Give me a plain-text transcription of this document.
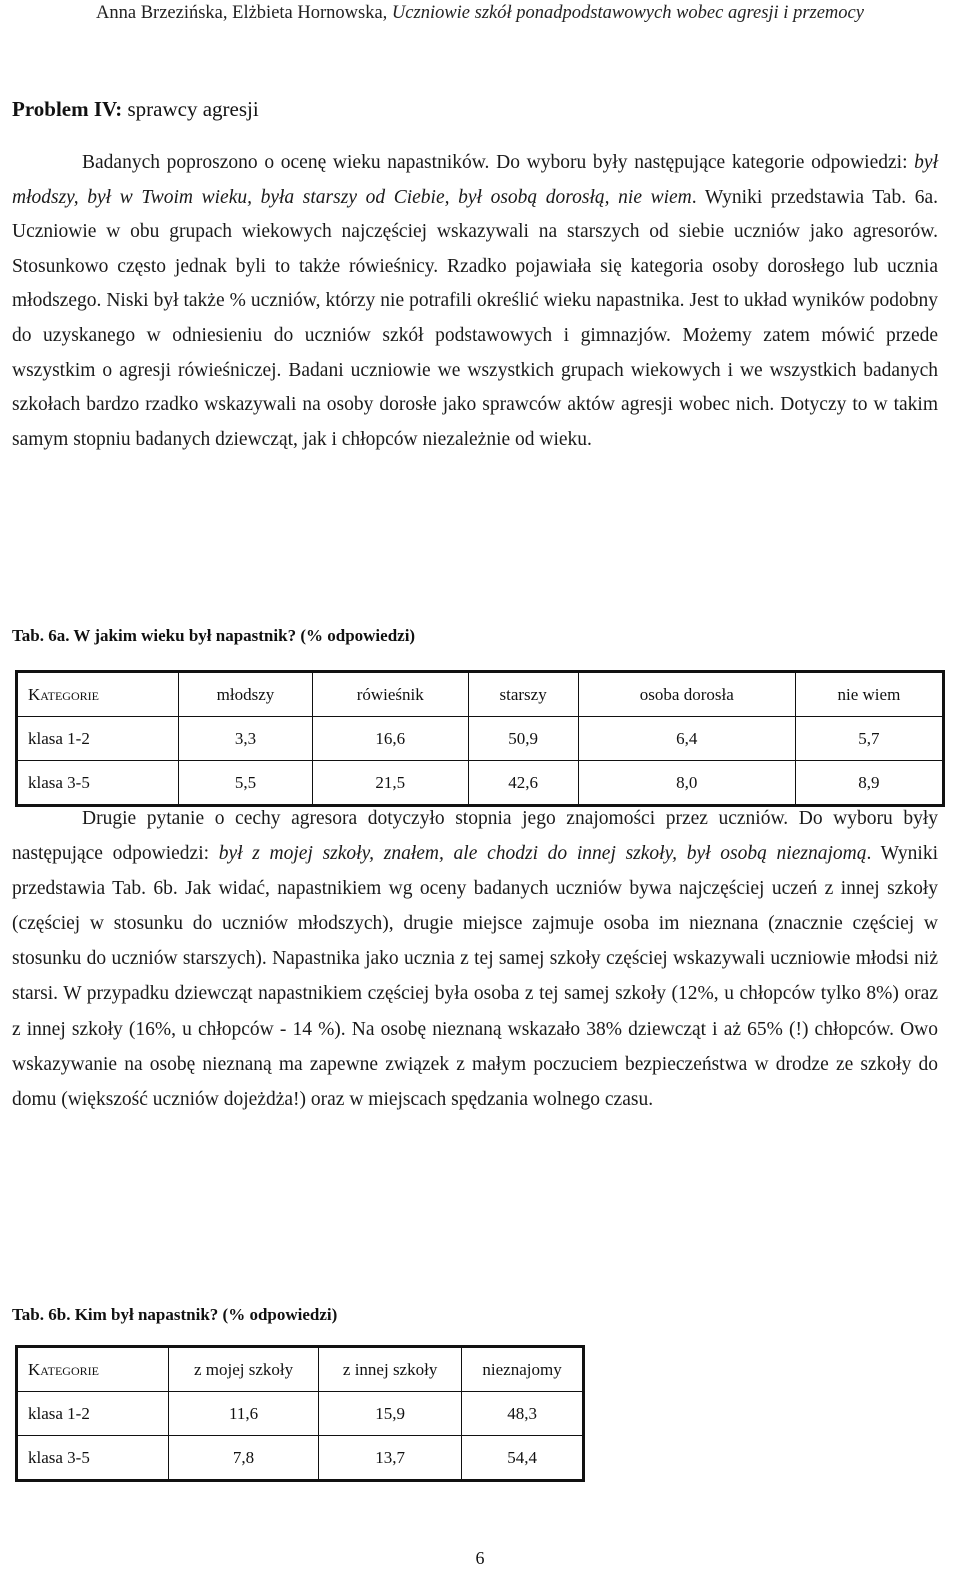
Anna Brzezińska, Elżbieta Hornowska, Uczniowie szkół ponadpodstawowych wobec agresji i przemocy
Problem IV: sprawcy agresji
Badanych poproszono o ocenę wieku napastników. Do wyboru były następujące kategorie odpowiedzi: był młodszy, był w Twoim wieku, była starszy od Ciebie, był osobą dorosłą, nie wiem. Wyniki przedstawia Tab. 6a. Uczniowie w obu grupach wiekowych najczęściej wskazywali na starszych od siebie uczniów jako agresorów. Stosunkowo często jednak byli to także rówieśnicy. Rzadko pojawiała się kategoria osoby dorosłego lub ucznia młodszego. Niski był także % uczniów, którzy nie potrafili określić wieku napastnika. Jest to układ wyników podobny do uzyskanego w odniesieniu do uczniów szkół podstawowych i gimnazjów. Możemy zatem mówić przede wszystkim o agresji rówieśniczej. Badani uczniowie we wszystkich grupach wiekowych i we wszystkich badanych szkołach bardzo rzadko wskazywali na osoby dorosłe jako sprawców aktów agresji wobec nich. Dotyczy to w takim samym stopniu badanych dziewcząt, jak i chłopców niezależnie od wieku.
Tab. 6a. W jakim wieku był napastnik? (% odpowiedzi)
Kategorie	młodszy	rówieśnik	starszy	osoba dorosła	nie wiem
klasa 1-2	3,3	16,6	50,9	6,4	5,7
klasa 3-5	5,5	21,5	42,6	8,0	8,9
Drugie pytanie o cechy agresora dotyczyło stopnia jego znajomości przez uczniów. Do wyboru były następujące odpowiedzi: był z mojej szkoły, znałem, ale chodzi do innej szkoły, był osobą nieznajomą. Wyniki przedstawia Tab. 6b. Jak widać, napastnikiem wg oceny badanych uczniów bywa najczęściej uczeń z innej szkoły (częściej w stosunku do uczniów młodszych), drugie miejsce zajmuje osoba im nieznana (znacznie częściej w stosunku do uczniów starszych). Napastnika jako ucznia z tej samej szkoły częściej wskazywali uczniowie młodsi niż starsi. W przypadku dziewcząt napastnikiem częściej była osoba z tej samej szkoły (12%, u chłopców tylko 8%) oraz z innej szkoły (16%, u chłopców - 14 %). Na osobę nieznaną wskazało 38% dziewcząt i aż 65% (!) chłopców. Owo wskazywanie na osobę nieznaną ma zapewne związek z małym poczuciem bezpieczeństwa w drodze ze szkoły do domu (większość uczniów dojeżdża!) oraz w miejscach spędzania wolnego czasu.
Tab. 6b. Kim był napastnik? (% odpowiedzi)
Kategorie	z mojej szkoły	z innej szkoły	nieznajomy
klasa 1-2	11,6	15,9	48,3
klasa 3-5	7,8	13,7	54,4
6
